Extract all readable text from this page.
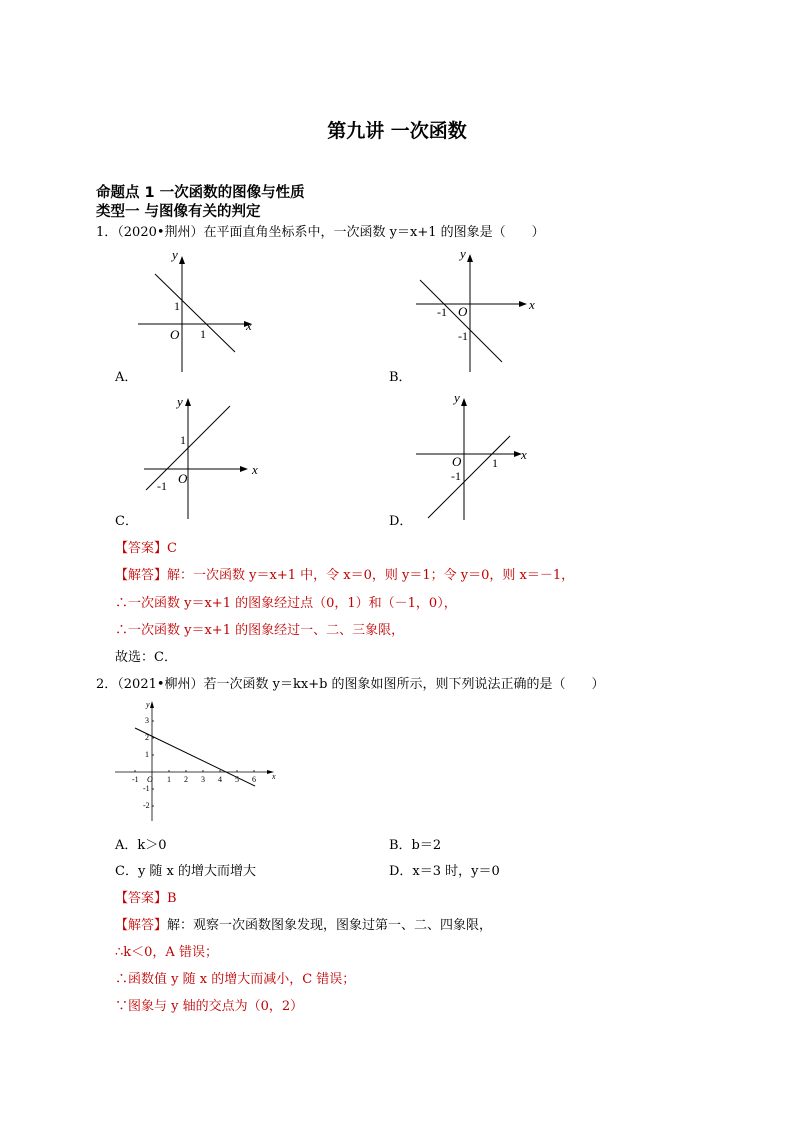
第九讲 一次函数
命题点 1 一次函数的图像与性质
类型一 与图像有关的判定
1．（2020•荆州）在平面直角坐标系中，一次函数 y＝x+1 的图象是（　　）
y
x
O
1
1
A．
y
x
O
-1
-1
B．
y
x
O
1
-1
C．
y
x
O	1
-1
D．
【答案】C
【解答】解：一次函数 y＝x+1 中，令 x＝0，则 y＝1；令 y＝0，则 x＝－1，
∴一次函数 y＝x+1 的图象经过点（0，1）和（－1，0），
∴一次函数 y＝x+1 的图象经过一、二、三象限，
故选：C．
2．（2021•柳州）若一次函数 y＝kx+b 的图象如图所示，则下列说法正确的是（　　）
-1	1 2 3 4 5 6
3
2
1
-1
-2
y
x
O
A．k＞0	B．b＝2
C．y 随 x 的增大而增大	D．x＝3 时，y＝0
【答案】B
【解答】解：观察一次函数图象发现，图象过第一、二、四象限，
∴k＜0，A 错误；
∴函数值 y 随 x 的增大而减小，C 错误；
∵图象与 y 轴的交点为（0，2）
